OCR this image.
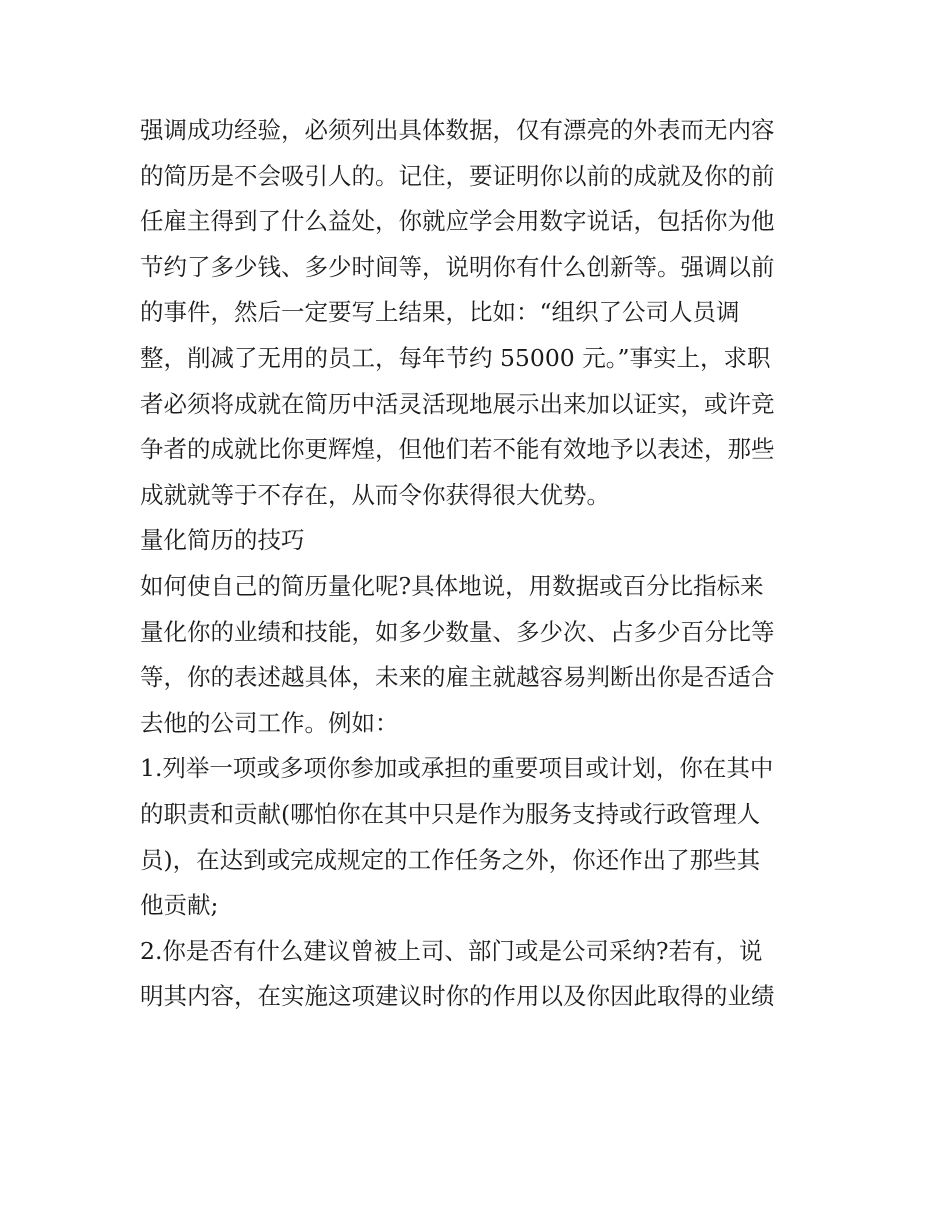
强调成功经验，必须列出具体数据，仅有漂亮的外表而无内容
的简历是不会吸引人的。记住，要证明你以前的成就及你的前
任雇主得到了什么益处，你就应学会用数字说话，包括你为他
节约了多少钱、多少时间等，说明你有什么创新等。强调以前
的事件，然后一定要写上结果，比如：“组织了公司人员调
整，削减了无用的员工，每年节约 55000 元。”事实上，求职
者必须将成就在简历中活灵活现地展示出来加以证实，或许竞
争者的成就比你更辉煌，但他们若不能有效地予以表述，那些
成就就等于不存在，从而令你获得很大优势。
量化简历的技巧
如何使自己的简历量化呢?具体地说，用数据或百分比指标来
量化你的业绩和技能，如多少数量、多少次、占多少百分比等
等，你的表述越具体，未来的雇主就越容易判断出你是否适合
去他的公司工作。例如：
1.列举一项或多项你参加或承担的重要项目或计划，你在其中
的职责和贡献(哪怕你在其中只是作为服务支持或行政管理人
员)，在达到或完成规定的工作任务之外，你还作出了那些其
他贡献;
2.你是否有什么建议曾被上司、部门或是公司采纳?若有，说
明其内容，在实施这项建议时你的作用以及你因此取得的业绩
